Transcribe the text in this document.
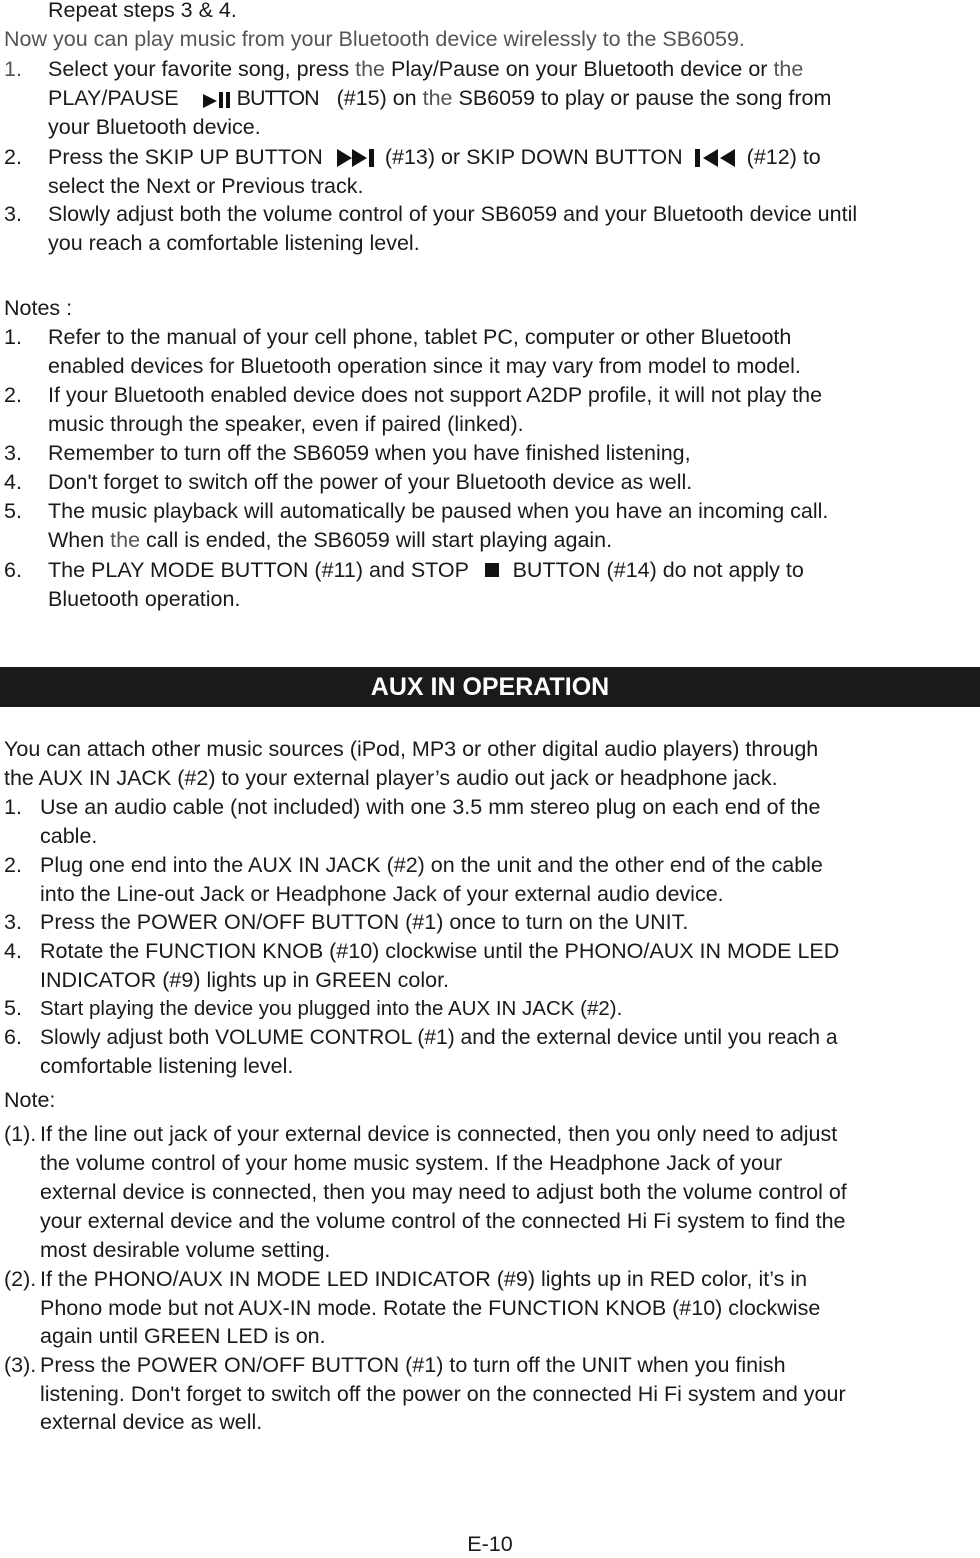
Repeat steps 3 & 4.
Now you can play music from your Bluetooth device wirelessly to the SB6059.
1. Select your favorite song, press the Play/Pause on your Bluetooth device or the
PLAY/PAUSE	BUTTON (#15) on the SB6059 to play or pause the song from
your Bluetooth device.
2. Press the SKIP UP BUTTON	(#13) or SKIP DOWN BUTTON	(#12) to
select the Next or Previous track.
3. Slowly adjust both the volume control of your SB6059 and your Bluetooth device until
you reach a comfortable listening level.
Notes :
1. Refer to the manual of your cell phone, tablet PC, computer or other Bluetooth
enabled devices for Bluetooth operation since it may vary from model to model.
2. If your Bluetooth enabled device does not support A2DP profile, it will not play the
music through the speaker, even if paired (linked).
3. Remember to turn off the SB6059 when you have finished listening,
4. Don't forget to switch off the power of your Bluetooth device as well.
5. The music playback will automatically be paused when you have an incoming call.
When the call is ended, the SB6059 will start playing again.
6. The PLAY MODE BUTTON (#11) and STOP BUTTON (#14) do not apply to
Bluetooth operation.
AUX IN OPERATION
You can attach other music sources (iPod, MP3 or other digital audio players) through
the AUX IN JACK (#2) to your external player’s audio out jack or headphone jack.
1. Use an audio cable (not included) with one 3.5 mm stereo plug on each end of the
cable.
2. Plug one end into the AUX IN JACK (#2) on the unit and the other end of the cable
into the Line-out Jack or Headphone Jack of your external audio device.
3. Press the POWER ON/OFF BUTTON (#1) once to turn on the UNIT.
4. Rotate the FUNCTION KNOB (#10) clockwise until the PHONO/AUX IN MODE LED
INDICATOR (#9) lights up in GREEN color.
5. Start playing the device you plugged into the AUX IN JACK (#2).
6. Slowly adjust both VOLUME CONTROL (#1) and the external device until you reach a
comfortable listening level.
Note:
(1). If the line out jack of your external device is connected, then you only need to adjust
the volume control of your home music system. If the Headphone Jack of your
external device is connected, then you may need to adjust both the volume control of
your external device and the volume control of the connected Hi Fi system to find the
most desirable volume setting.
(2). If the PHONO/AUX IN MODE LED INDICATOR (#9) lights up in RED color, it’s in
Phono mode but not AUX-IN mode. Rotate the FUNCTION KNOB (#10) clockwise
again until GREEN LED is on.
(3). Press the POWER ON/OFF BUTTON (#1) to turn off the UNIT when you finish
listening. Don't forget to switch off the power on the connected Hi Fi system and your
external device as well.
E-10
